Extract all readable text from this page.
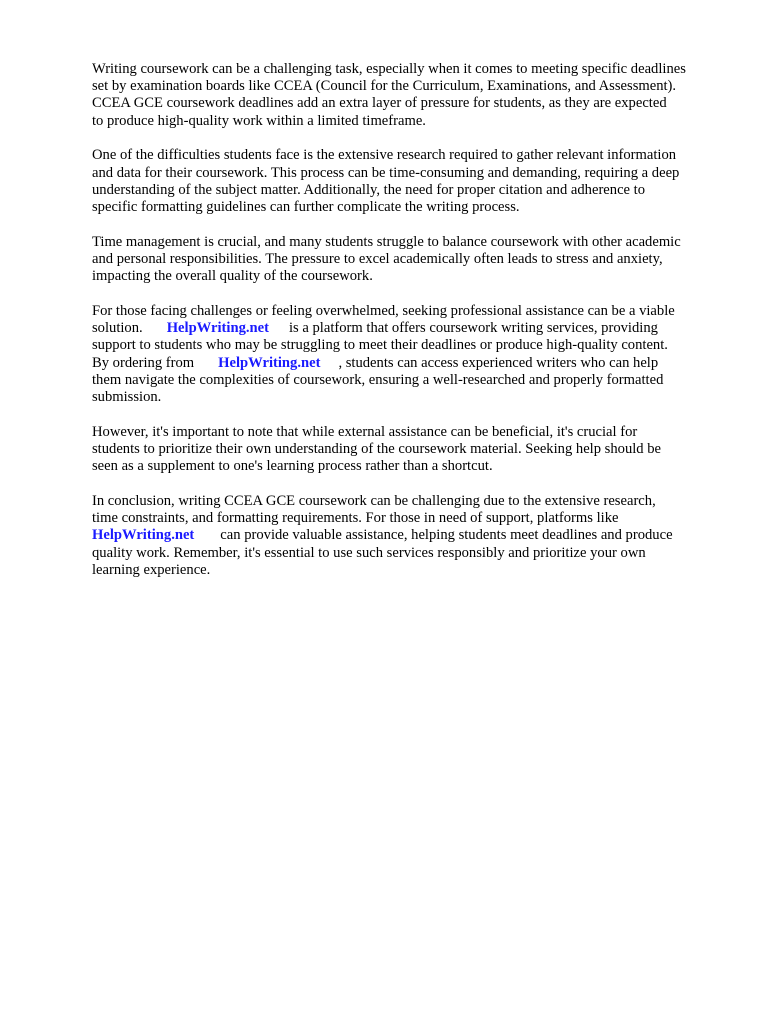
Writing coursework can be a challenging task, especially when it comes to meeting specific deadlines
set by examination boards like CCEA (Council for the Curriculum, Examinations, and Assessment).
CCEA GCE coursework deadlines add an extra layer of pressure for students, as they are expected
to produce high-quality work within a limited timeframe.

One of the difficulties students face is the extensive research required to gather relevant information
and data for their coursework. This process can be time-consuming and demanding, requiring a deep
understanding of the subject matter. Additionally, the need for proper citation and adherence to
specific formatting guidelines can further complicate the writing process.

Time management is crucial, and many students struggle to balance coursework with other academic
and personal responsibilities. The pressure to excel academically often leads to stress and anxiety,
impacting the overall quality of the coursework.

For those facing challenges or feeling overwhelmed, seeking professional assistance can be a viable
solution. HelpWriting.net is a platform that offers coursework writing services, providing
support to students who may be struggling to meet their deadlines or produce high-quality content.
By ordering from HelpWriting.net , students can access experienced writers who can help
them navigate the complexities of coursework, ensuring a well-researched and properly formatted
submission.

However, it's important to note that while external assistance can be beneficial, it's crucial for
students to prioritize their own understanding of the coursework material. Seeking help should be
seen as a supplement to one's learning process rather than a shortcut.

In conclusion, writing CCEA GCE coursework can be challenging due to the extensive research,
time constraints, and formatting requirements. For those in need of support, platforms like
HelpWriting.net can provide valuable assistance, helping students meet deadlines and produce
quality work. Remember, it's essential to use such services responsibly and prioritize your own
learning experience.
